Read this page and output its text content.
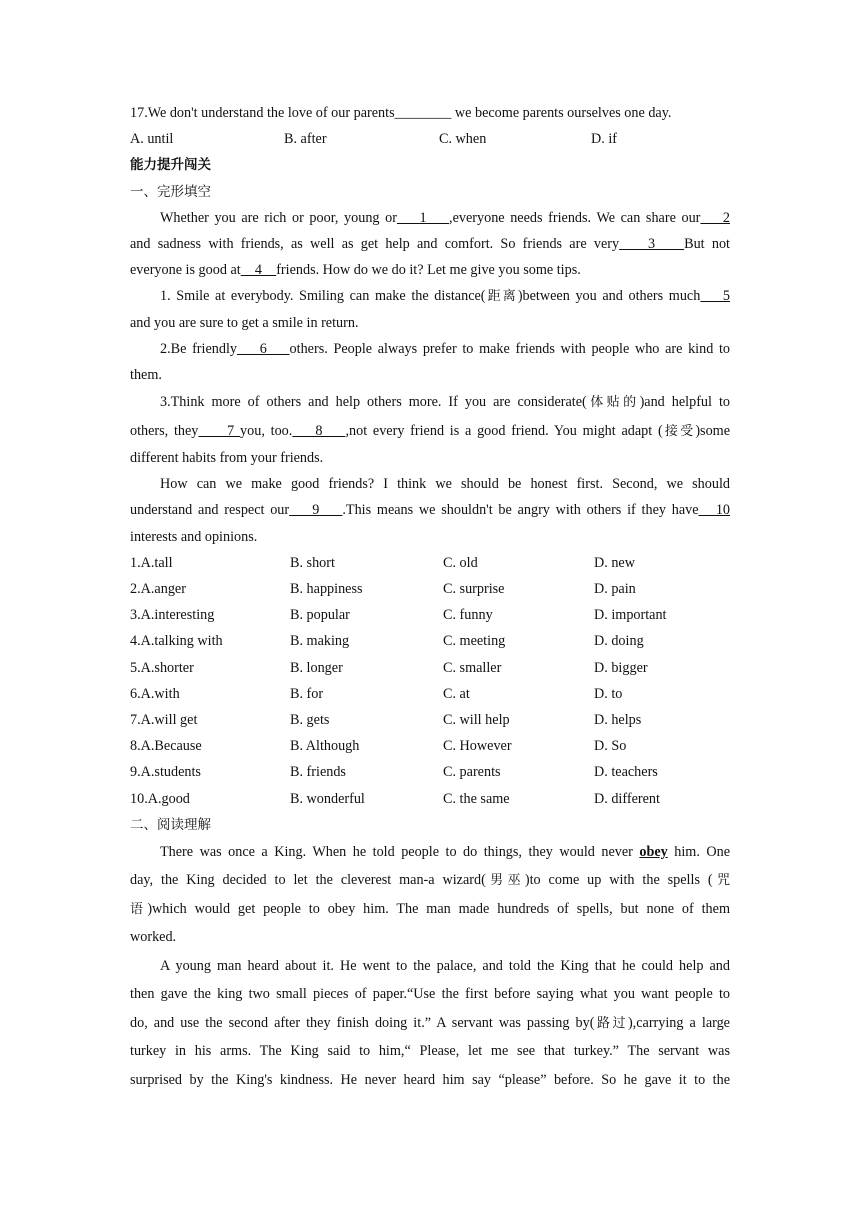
17.We don't understand the love of our parents________ we become parents ourselves one day.
A. until	B. after	C. when	D. if
能力提升闯关
一、完形填空
Whether you are rich or poor, young or    1    ,everyone needs friends. We can share our    2
and sadness with friends, as well as get help and comfort. So friends are very    3    But not
everyone is good at    4    friends. How do we do it? Let me give you some tips.
1. Smile at everybody. Smiling can make the distance(距离)between you and others much    5
and you are sure to get a smile in return.
2.Be friendly    6    others. People always prefer to make friends with people who are kind to
them.
3.Think more of others and help others more. If you are considerate(体贴的)and helpful to
others, they     7 you, too.    8    ,not every friend is a good friend. You might adapt (接受)some
different habits from your friends.
How can we make good friends? I think we should be honest first. Second, we should
understand and respect our    9    .This means we shouldn't be angry with others if they have   10
interests and opinions.
1.A.tall	B. short	C. old	D. new
2.A.anger	B. happiness	C. surprise	D. pain
3.A.interesting	B. popular	C. funny	D. important
4.A.talking with	B. making	C. meeting	D. doing
5.A.shorter	B. longer	C. smaller	D. bigger
6.A.with	B. for	C. at	D. to
7.A.will get	B. gets	C. will help	D. helps
8.A.Because	B. Although	C. However	D. So
9.A.students	B. friends	C. parents	D. teachers
10.A.good	B. wonderful	C. the same	D. different
二、阅读理解
There was once a King. When he told people to do things, they would never obey him. One
day, the King decided to let the cleverest man-a wizard(男巫)to come up with the spells (咒
语)which would get people to obey him. The man made hundreds of spells, but none of them
worked.
A young man heard about it. He went to the palace, and told the King that he could help and
then gave the king two small pieces of paper.“Use the first before saying what you want people to
do, and use the second after they finish doing it.” A servant was passing by(路过),carrying a large
turkey in his arms. The King said to him,“ Please, let me see that turkey.” The servant was
surprised by the King's kindness. He never heard him say “please” before. So he gave it to the
